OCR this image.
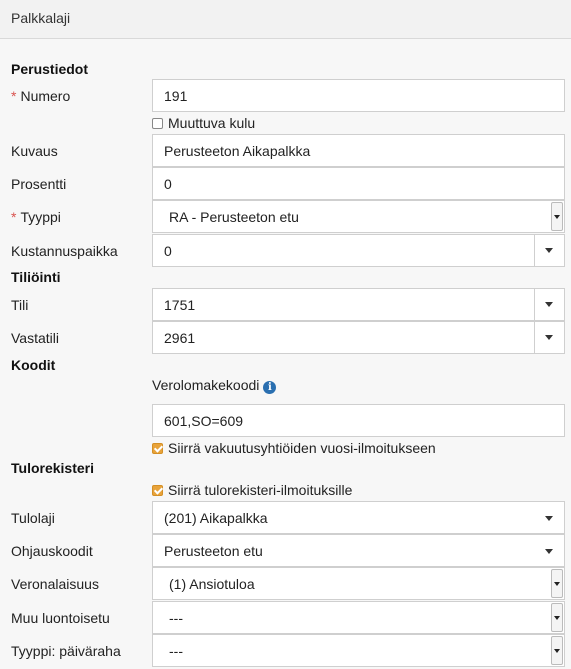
Palkkalaji
Perustiedot
* Numero	191
Muuttuva kulu
Kuvaus	Perusteeton Aikapalkka
Prosentti	0
* Tyyppi	RA - Perusteeton etu
Kustannuspaikka	0
Tiliöinti
Tili	1751
Vastatili	2961
Koodit
Verolomakekoodi i
601,SO=609
Siirrä vakuutusyhtiöiden vuosi-ilmoitukseen
Tulorekisteri
Siirrä tulorekisteri-ilmoituksille
Tulolaji	(201) Aikapalkka
Ohjauskoodit	Perusteeton etu
Veronalaisuus	(1) Ansiotuloa
Muu luontoisetu	---
Tyyppi: päiväraha	---
